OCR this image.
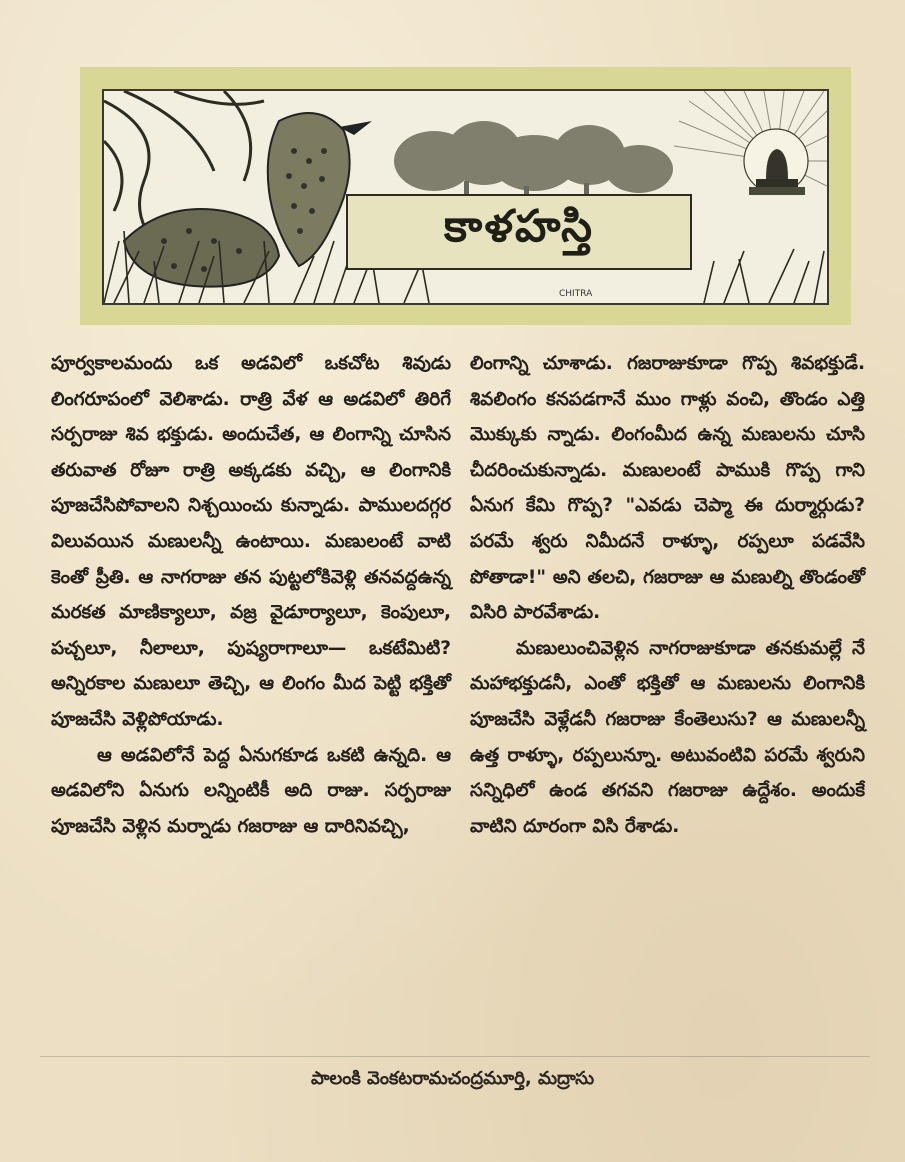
CHITRA
కాళహస్తి

పూర్వకాలమందు ఒక అడవిలో ఒకచోట శివుడు లింగరూపంలో వెలిశాడు. రాత్రి వేళ ఆ అడవిలో తిరిగే సర్పరాజు శివ భక్తుడు. అందుచేత, ఆ లింగాన్ని చూసిన తరువాత రోజూ రాత్రి అక్కడకు వచ్చి, ఆ లింగానికి పూజచేసిపోవాలని నిశ్చయించు కున్నాడు. పాములదగ్గర విలువయిన మణులన్నీ ఉంటాయి. మణులంటే వాటి కెంతో ప్రీతి. ఆ నాగరాజు తన పుట్టలోకివెళ్లి తనవద్దఉన్న మరకత మాణిక్యాలూ, వజ్ర వైడూర్యాలూ, కెంపులూ, పచ్చలూ, నీలాలూ, పుష్యరాగాలూ— ఒకటేమిటి? అన్నిరకాల మణులూ తెచ్చి, ఆ లింగం మీద పెట్టి భక్తితో పూజచేసి వెళ్లిపోయాడు.

ఆ అడవిలోనే పెద్ద ఏనుగకూడ ఒకటి ఉన్నది. ఆ అడవిలోని ఏనుగు లన్నింటికీ అది రాజు. సర్పరాజు పూజచేసి వెళ్లిన మర్నాడు గజరాజు ఆ దారినివచ్చి,

లింగాన్ని చూశాడు. గజరాజుకూడా గొప్ప శివభక్తుడే. శివలింగం కనపడగానే ముం గాళ్లు వంచి, తొండం ఎత్తి మొక్కుకు న్నాడు. లింగంమీద ఉన్న మణులను చూసి చీదరించుకున్నాడు. మణులంటే పాముకి గొప్ప గాని ఏనుగ కేమి గొప్ప? "ఎవడు చెప్మా ఈ దుర్మార్గుడు? పరమే శ్వరు నిమీదనే రాళ్ళూ, రప్పలూ పడవేసి పోతాడా!" అని తలచి, గజరాజు ఆ మణుల్ని తొండంతో విసిరి పారవేశాడు.

మణులుంచివెళ్లిన నాగరాజుకూడా తనకుమల్లే నే మహాభక్తుడనీ, ఎంతో భక్తితో ఆ మణులను లింగానికి పూజచేసి వెళ్లేడనీ గజరాజు కేంతెలుసు? ఆ మణులన్నీ ఉత్త రాళ్ళూ, రప్పలున్నూ. అటువంటివి పరమే శ్వరుని సన్నిధిలో ఉండ తగవని గజరాజు ఉద్దేశం. అందుకే వాటిని దూరంగా విసి రేశాడు.

పాలంకి వెంకటరామచంద్రమూర్తి, మద్రాసు
